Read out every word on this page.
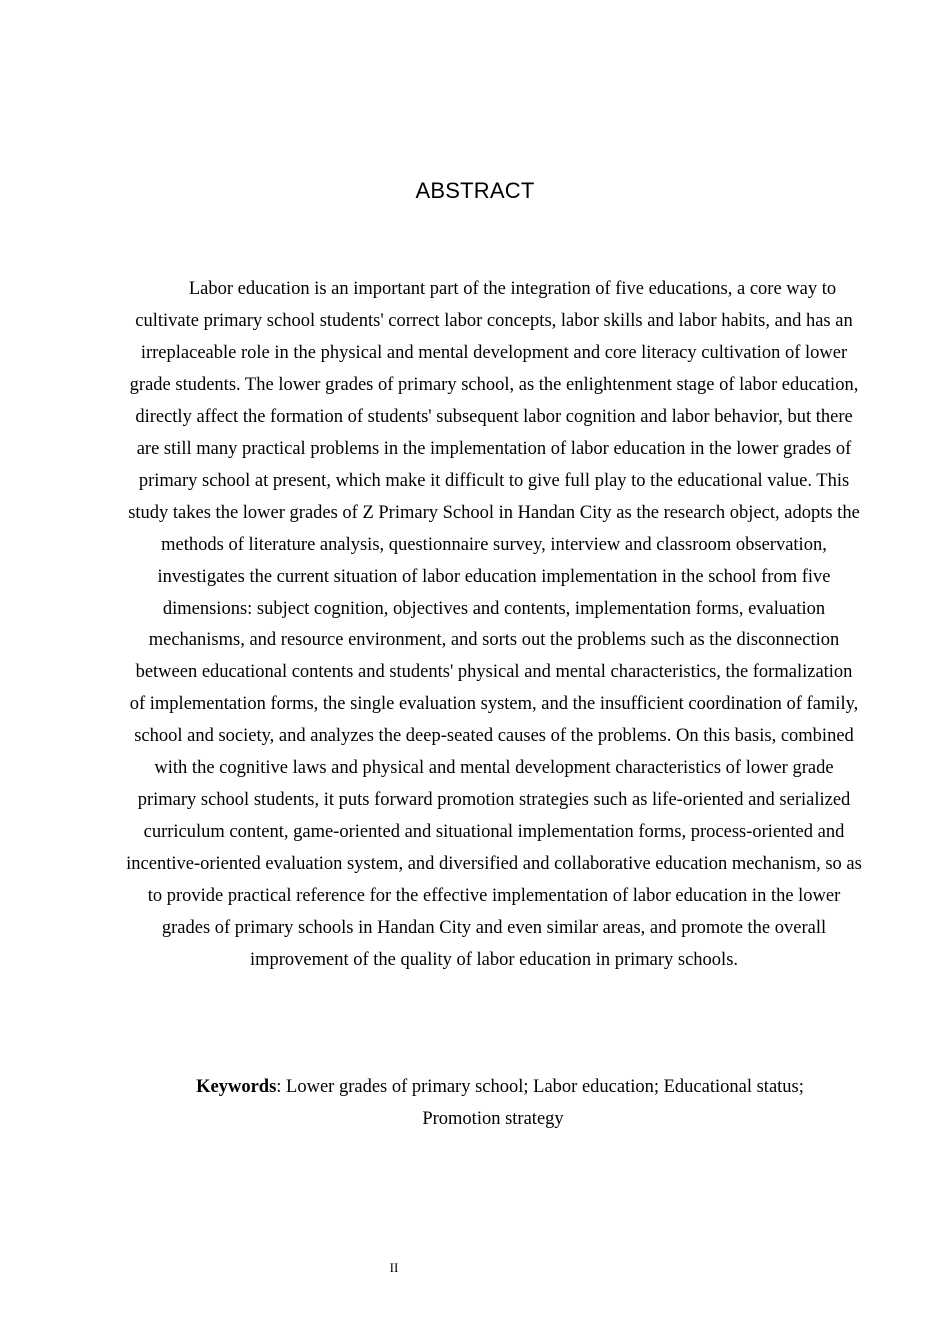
ABSTRACT

Labor education is an important part of the integration of five educations, a core way to cultivate primary school students' correct labor concepts, labor skills and labor habits, and has an irreplaceable role in the physical and mental development and core literacy cultivation of lower grade students. The lower grades of primary school, as the enlightenment stage of labor education, directly affect the formation of students' subsequent labor cognition and labor behavior, but there are still many practical problems in the implementation of labor education in the lower grades of primary school at present, which make it difficult to give full play to the educational value. This study takes the lower grades of Z Primary School in Handan City as the research object, adopts the methods of literature analysis, questionnaire survey, interview and classroom observation, investigates the current situation of labor education implementation in the school from five dimensions: subject cognition, objectives and contents, implementation forms, evaluation mechanisms, and resource environment, and sorts out the problems such as the disconnection between educational contents and students' physical and mental characteristics, the formalization of implementation forms, the single evaluation system, and the insufficient coordination of family, school and society, and analyzes the deep-seated causes of the problems. On this basis, combined with the cognitive laws and physical and mental development characteristics of lower grade primary school students, it puts forward promotion strategies such as life-oriented and serialized curriculum content, game-oriented and situational implementation forms, process-oriented and incentive-oriented evaluation system, and diversified and collaborative education mechanism, so as to provide practical reference for the effective implementation of labor education in the lower grades of primary schools in Handan City and even similar areas, and promote the overall improvement of the quality of labor education in primary schools.

Keywords: Lower grades of primary school; Labor education; Educational status; Promotion strategy

II
